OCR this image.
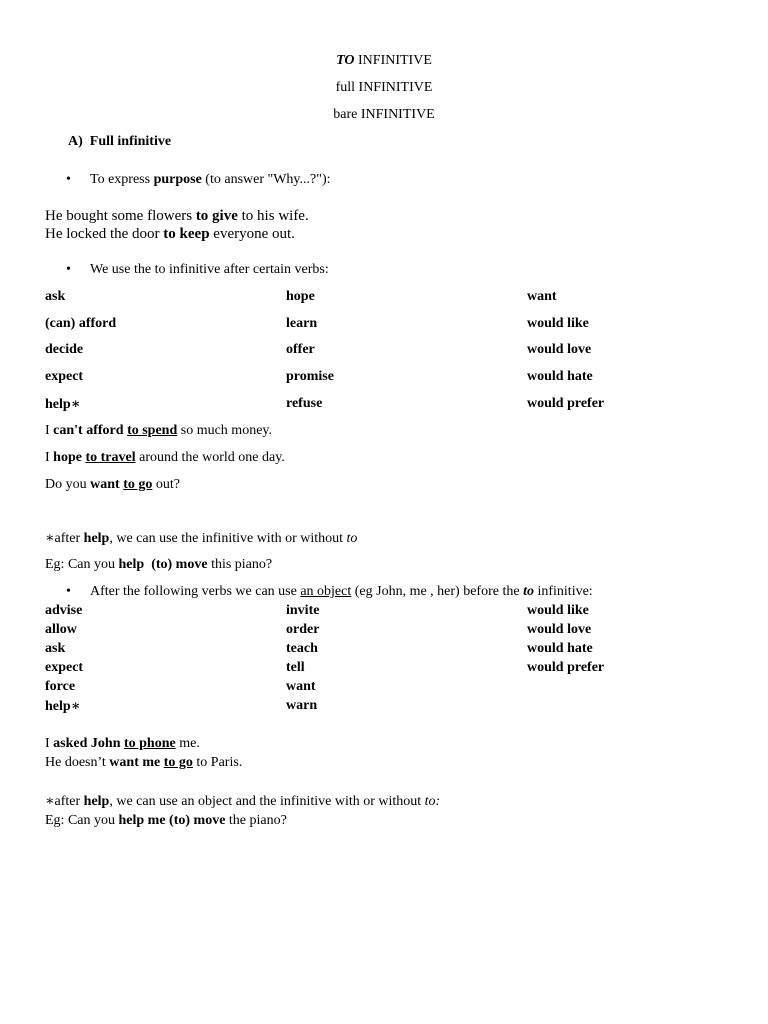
TO INFINITIVE
full INFINITIVE
bare INFINITIVE
A) Full infinitive
• To express purpose (to answer "Why...?"):
He bought some flowers to give to his wife.
He locked the door to keep everyone out.
• We use the to infinitive after certain verbs:
ask
(can) afford
decide
expect
help∗
hope
learn
offer
promise
refuse
want
would like
would love
would hate
would prefer
I can't afford to spend so much money.
I hope to travel around the world one day.
Do you want to go out?
∗after help, we can use the infinitive with or without to
Eg: Can you help (to) move this piano?
• After the following verbs we can use an object (eg John, me , her) before the to infinitive:
advise
allow
ask
expect
force
help∗
invite
order
teach
tell
want
warn
would like
would love
would hate
would prefer
I asked John to phone me.
He doesn’t want me to go to Paris.
∗after help, we can use an object and the infinitive with or without to:
Eg: Can you help me (to) move the piano?
